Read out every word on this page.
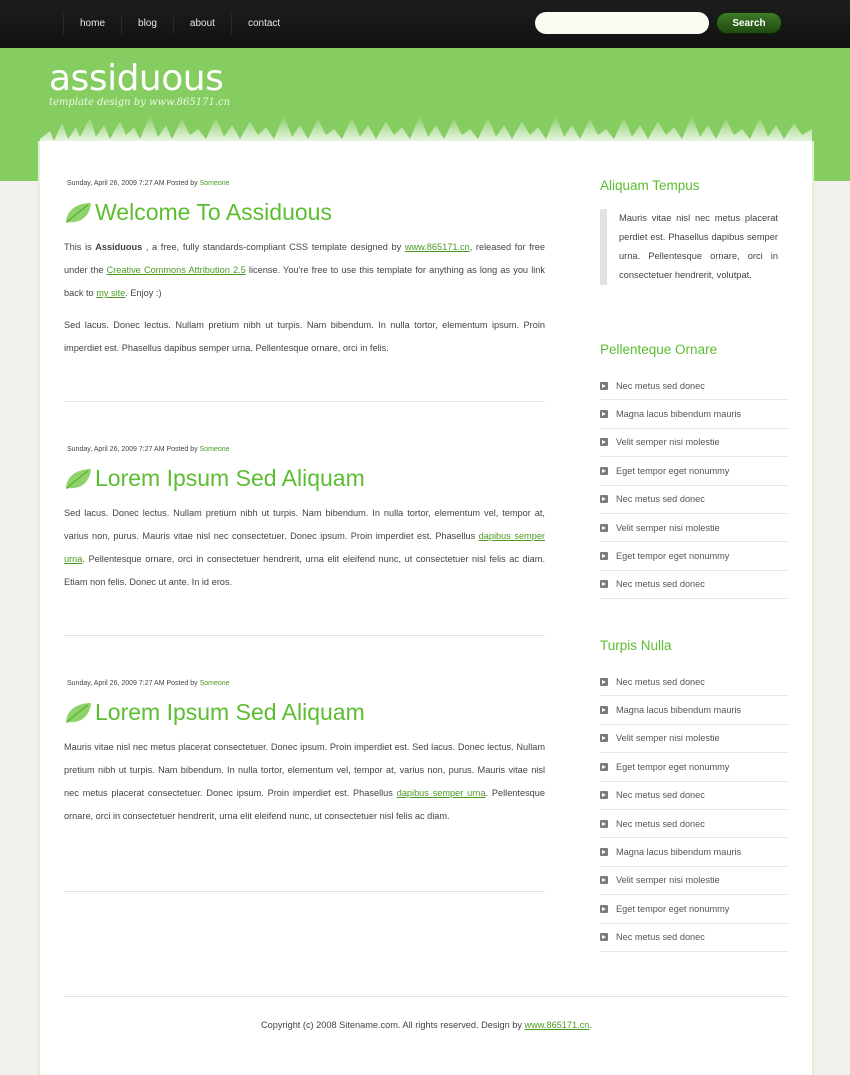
home	blog	about	contact	Search
assiduous
template design by www.865171.cn
Sunday, April 26, 2009 7:27 AM Posted by Someone
Welcome To Assiduous

This is Assiduous , a free, fully standards-compliant CSS template designed by www.865171.cn, released for free under the Creative Commons Attribution 2.5 license. You're free to use this template for anything as long as you link back to my site. Enjoy :)

Sed lacus. Donec lectus. Nullam pretium nibh ut turpis. Nam bibendum. In nulla tortor, elementum ipsum. Proin imperdiet est. Phasellus dapibus semper urna. Pellentesque ornare, orci in felis.

Sunday, April 26, 2009 7:27 AM Posted by Someone
Lorem Ipsum Sed Aliquam

Sed lacus. Donec lectus. Nullam pretium nibh ut turpis. Nam bibendum. In nulla tortor, elementum vel, tempor at, varius non, purus. Mauris vitae nisl nec consectetuer. Donec ipsum. Proin imperdiet est. Phasellus dapibus semper urna. Pellentesque ornare, orci in consectetuer hendrerit, urna elit eleifend nunc, ut consectetuer nisl felis ac diam. Etiam non felis. Donec ut ante. In id eros.

Sunday, April 26, 2009 7:27 AM Posted by Someone
Lorem Ipsum Sed Aliquam

Mauris vitae nisl nec metus placerat consectetuer. Donec ipsum. Proin imperdiet est. Sed lacus. Donec lectus. Nullam pretium nibh ut turpis. Nam bibendum. In nulla tortor, elementum vel, tempor at, varius non, purus. Mauris vitae nisl nec metus placerat consectetuer. Donec ipsum. Proin imperdiet est. Phasellus dapibus semper urna. Pellentesque ornare, orci in consectetuer hendrerit, urna elit eleifend nunc, ut consectetuer nisl felis ac diam.

Aliquam Tempus
Mauris vitae nisl nec metus placerat perdiet est. Phasellus dapibus semper urna. Pellentesque ornare, orci in consectetuer hendrerit, volutpat.
Pellenteque Ornare
Nec metus sed donec
Magna lacus bibendum mauris
Velit semper nisi molestie
Eget tempor eget nonummy
Nec metus sed donec
Velit semper nisi molestie
Eget tempor eget nonummy
Nec metus sed donec
Turpis Nulla
Nec metus sed donec
Magna lacus bibendum mauris
Velit semper nisi molestie
Eget tempor eget nonummy
Nec metus sed donec
Nec metus sed donec
Magna lacus bibendum mauris
Velit semper nisi molestie
Eget tempor eget nonummy
Nec metus sed donec
Copyright (c) 2008 Sitename.com. All rights reserved. Design by www.865171.cn.
